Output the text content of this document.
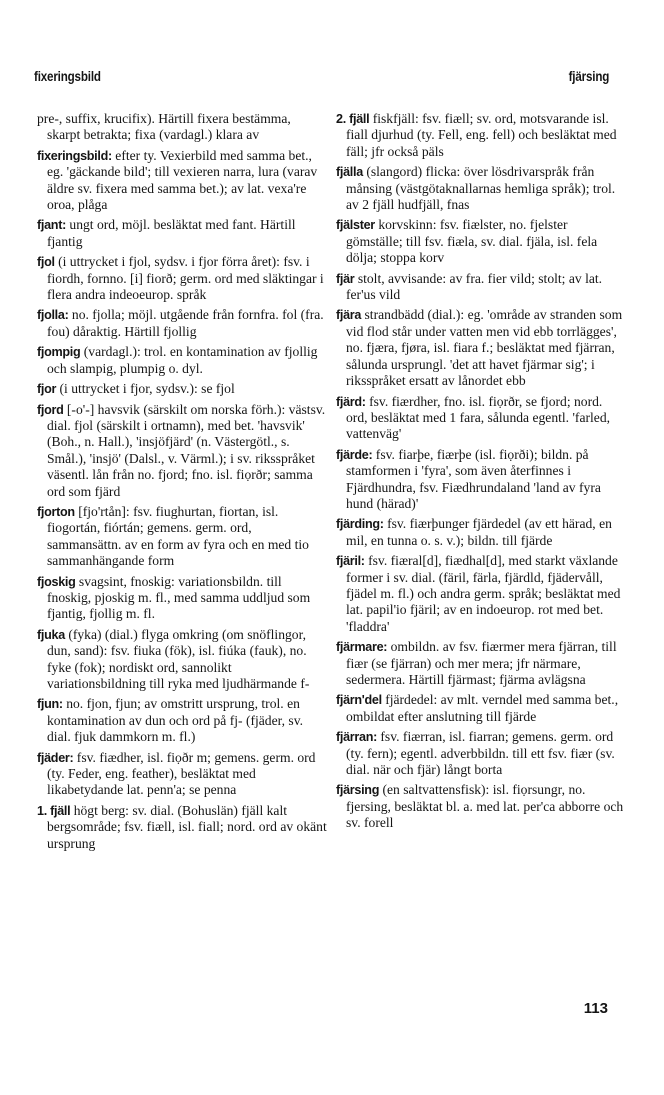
fixeringsbild	fjärsing

pre-, suffix, krucifix). Härtill fixera bestämma, skarpt betrakta; fixa (vardagl.) klara av

fixeringsbild: efter ty. Vexierbild med samma bet., eg. 'gäckande bild'; till vexieren narra, lura (varav äldre sv. fixera med samma bet.); av lat. vexa're oroa, plåga

fjant: ungt ord, möjl. besläktat med fant. Härtill fjantig

fjol (i uttrycket i fjol, sydsv. i fjor förra året): fsv. i fiordh, fornno. [i] fiorð; germ. ord med släktingar i flera andra indeoeurop. språk

fjolla: no. fjolla; möjl. utgående från fornfra. fol (fra. fou) dåraktig. Härtill fjollig

fjompig (vardagl.): trol. en kontamination av fjollig och slampig, plumpig o. dyl.

fjor (i uttrycket i fjor, sydsv.): se fjol

fjord [-o'-] havsvik (särskilt om norska förh.): västsv. dial. fjol (särskilt i ortnamn), med bet. 'havsvik' (Boh., n. Hall.), 'insjöfjärd' (n. Västergötl., s. Smål.), 'insjö' (Dalsl., v. Värml.); i sv. riksspråket väsentl. lån från no. fjord; fno. isl. fiọrðr; samma ord som fjärd

fjorton [fjo'rtån]: fsv. fiughurtan, fiortan, isl. fiogortán, fiórtán; gemens. germ. ord, sammansättn. av en form av fyra och en med tio sammanhängande form

fjoskig svagsint, fnoskig: variationsbildn. till fnoskig, pjoskig m. fl., med samma uddljud som fjantig, fjollig m. fl.

fjuka (fyka) (dial.) flyga omkring (om snöflingor, dun, sand): fsv. fiuka (fök), isl. fiúka (fauk), no. fyke (fok); nordiskt ord, sannolikt variationsbildning till ryka med ljudhärmande f-

fjun: no. fjon, fjun; av omstritt ursprung, trol. en kontamination av dun och ord på fj- (fjäder, sv. dial. fjuk dammkorn m. fl.)

fjäder: fsv. fiædher, isl. fiọðr m; gemens. germ. ord (ty. Feder, eng. feather), besläktat med likabetydande lat. penn'a; se penna

1. fjäll högt berg: sv. dial. (Bohuslän) fjäll kalt bergsområde; fsv. fiæll, isl. fiall; nord. ord av okänt ursprung

2. fjäll fiskfjäll: fsv. fiæll; sv. ord, motsvarande isl. fiall djurhud (ty. Fell, eng. fell) och besläktat med fäll; jfr också päls

fjälla (slangord) flicka: över lösdrivarspråk från månsing (västgötaknallarnas hemliga språk); trol. av 2 fjäll hudfjäll, fnas

fjälster korvskinn: fsv. fiælster, no. fjelster gömställe; till fsv. fiæla, sv. dial. fjäla, isl. fela dölja; stoppa korv

fjär stolt, avvisande: av fra. fier vild; stolt; av lat. fer'us vild

fjära strandbädd (dial.): eg. 'område av stranden som vid flod står under vatten men vid ebb torrlägges', no. fjæra, fjøra, isl. fiara f.; besläktat med fjärran, sålunda ursprungl. 'det att havet fjärmar sig'; i riksspråket ersatt av lånordet ebb

fjärd: fsv. fiærdher, fno. isl. fiọrðr, se fjord; nord. ord, besläktat med 1 fara, sålunda egentl. 'farled, vattenväg'

fjärde: fsv. fiarþe, fiærþe (isl. fiọrði); bildn. på stamformen i 'fyra', som även återfinnes i Fjärdhundra, fsv. Fiædhrundaland 'land av fyra hund (härad)'

fjärding: fsv. fiærþunger fjärdedel (av ett härad, en mil, en tunna o. s. v.); bildn. till fjärde

fjäril: fsv. fiæral[d], fiædhal[d], med starkt växlande former i sv. dial. (färil, färla, fjärdld, fjädervåll, fjädel m. fl.) och andra germ. språk; besläktat med lat. papil'io fjäril; av en indoeurop. rot med bet. 'fladdra'

fjärmare: ombildn. av fsv. fiærmer mera fjärran, till fiær (se fjärran) och mer mera; jfr närmare, sedermera. Härtill fjärmast; fjärma avlägsna

fjärn'del fjärdedel: av mlt. verndel med samma bet., ombildat efter anslutning till fjärde

fjärran: fsv. fiærran, isl. fiarran; gemens. germ. ord (ty. fern); egentl. adverbbildn. till ett fsv. fiær (sv. dial. när och fjär) långt borta

fjärsing (en saltvattensfisk): isl. fiọrsungr, no. fjersing, besläktat bl. a. med lat. per'ca abborre och sv. forell

113
